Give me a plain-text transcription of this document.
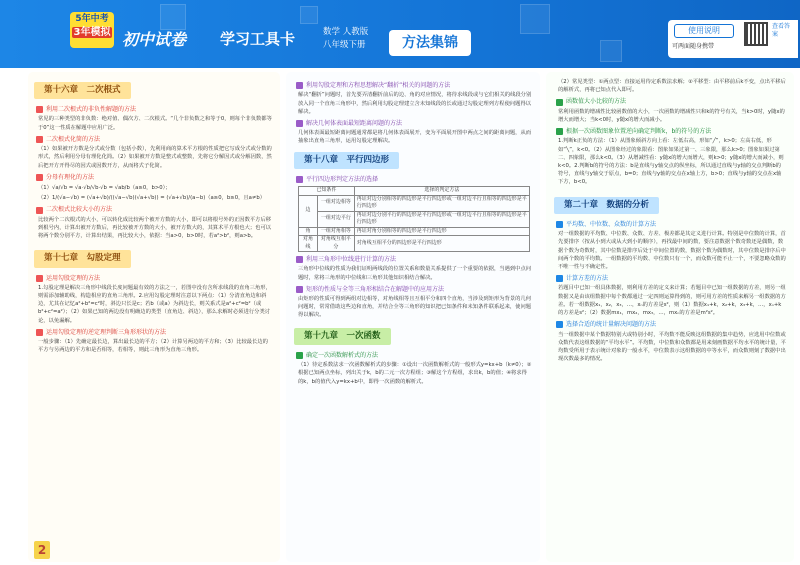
5年中考
3年模拟 初中试卷 学习工具卡	数学 人教版
八年级下册	方法集锦
使用说明
可两面随身携带
查看答案
第十六章　二次根式
利用二次根式的非负性解题的方法
常见的三种类型的非负数：绝对值、偶次方、二次根式。“几个非负数之和等于0，则每个非负数都等于0”这一性质在解题中应用广泛。
二次根式化简的方法
（1）如果被开方数是分式或分数（包括小数），先利用商的算术平方根的性质把它写成分式或分数的形式，然后利用分母有理化化简。（2）如果被开方数是整式或整数，先将它分解因式或分解因数，然后把开方开得尽的因式或因数开方，从而将式子化简。
分母有理化的方法
（1）√a/√b = √a·√b/√b·√b = √ab/b（a≥0，b>0）；
（2）1/(√a−√b) = (√a+√b)/((√a−√b)(√a+√b)) = (√a+√b)/(a−b)（a≥0，b≥0，且a≠b）
二次根式比较大小的方法
比较两个二次根式的大小，可以转化成比较两个被开方数的大小，即可以将根号外的正因数平方后移到根号内，计算出被开方数后，再比较被开方数的大小，被开方数大的，其算术平方根也大；也可以将两个数分别平方，计算出结果，再比较大小，依据：当a>0，b>0时，若a²>b²，则a>b。
第十七章　勾股定理
运用勾股定理的方法
1.勾股定理是解决三角形中线段长度问题最有效的方法之一，若图中没有含所求线段的直角三角形，则需添加辅助线，构造相应的直角三角形。2.应用勾股定理时注意以下两点：（1）分清直角边和斜边，尤其在记忆a²+b²=c²时，斜边只长是c；若b（或a）为斜边长，则关系式是a²+c²=b²（或b²+c²=a²）；（2）如果已知的两边没有明确边的类型（直角边、斜边），那么求解时必须进行分类讨论，以免漏解。
运用勾股定理的逆定理判断三角形形状的方法
一般步骤：（1）先确定最长边，算出最长边的平方；（2）计算另两边的平方和；（3）比较最长边的平方与另两边的平方和是否相等，若相等，则此三角形为直角三角形。
利用勾股定理和方程思想解决“翻折”相关的问题的方法
解决“翻折”问题时，首先要弄清翻折前后的边、角的对应情况，将待求线段或与它们相关的线段分别放入同一个直角三角形中，然后利用勾股定理建立含未知线段的长或通过勾股定理列方程使问题得以解决。
解决几何体表面最短距离问题的方法
几何体表面最短距离问题通常都是将几何体表面展开，变为平面展开图中两点之间的距离问题，从而抽象出直角三角形，运用勾股定理解决。
第十八章　平行四边形
平行四边形判定方法的选择
已知条件		选择的判定方法
边	一组对边相等	再证对边分别相等的四边形是平行四边形或一组对边平行且相等的四边形是平行四边形
	一组对边平行	再证对边分别平行的四边形是平行四边形或一组对边平行且相等的四边形是平行四边形
角	一组对角相等	再证对角分别相等的四边形是平行四边形
对角线	对角线互相平分	对角线互相平分的四边形是平行四边形
利用三角形中位线进行计算的方法
三角形中位线的性质为我们证明两线段的位置关系和数量关系提供了一个重要的依据，当遇到中点问题时，常将三角形的中位线和三角形其他知识相结合解决。
矩形的性质与全等三角形相结合在解题中的应用方法
由矩形的性质可得到两组对边相等，对角线相等且互相平分和四个直角，当涉及到矩形为背景的几何问题时，常常借助这些边和直角，并结合全等三角形的知识把已知条件和未知条件联系起来，使问题得以解决。
第十九章　一次函数
确定一次函数解析式的方法
（1）待定系数法求一次函数解析式的步骤：①设出一次函数解析式的一般形式y=kx+b（k≠0）；②根据已知两点坐标，列出关于k，b的二元一次方程组；③解这个方程组，求出k，b的值；④将求得的k，b的值代入y=kx+b中，即得一次函数的解析式。
（2）常见类型：①两点型：直接运用待定系数法求解；②平移型：由平移前后k不变，点出平移后的解析式，再将已知点代入即可。
函数值大小比较的方法
常利用函数的增减性比较函数值的大小，一次函数的增减性只和k的符号有关，当k>0时，y随x的增大而增大；当k<0时，y随x的增大而减小。
根据一次函数图象位置逆向确定判断k，b的符号的方法
1.判断k正负的方法：（1）从图象倾斜方向上看：左低右高，形如“╱”，k>0；左高右低，形如“╲”，k<0。（2）从图象经过的象限看：图象如果过第一、三象限，那么k>0；图象如果过第二、四象限，那么k<0。（3）从增减性看：y随x的增大而增大，则k>0；y随x的增大而减小，则k<0。2.判断b的符号的方法：b是直线与y轴交点的纵坐标，所以通过直线与y轴的交点判断b的符号，直线与y轴交于原点，b=0；直线与y轴的交点在x轴上方，b>0；直线与y轴的交点在x轴下方，b<0。
第二十章　数据的分析
平均数、中位数、众数的计算方法
对一组数据的平均数、中位数、众数、方差、极差都是其定义进行计算。特别是中位数的计算，首先要排序（按从小到大或从大到小的顺序），再找最中间的数，要注意数据个数奇数还是偶数，数据个数为奇数时，其中位数是排序后处于中间位置的数，数据个数为偶数时，其中位数是排序后中间两个数的平均数。一组数据的平均数、中位数只有一个，而众数可能不止一个，不要忽略众数的不唯一性与不确定性。
计算方差的方法
若题目中已知一组具体数据，则利用方差的定义来计算；若题目中已知一组数据的方差，则另一组数据又是由该组数据中每个数都通过一定四则运算得到的，则可用方差的性质来解另一组数据的方差。若一组数据x₁，x₂，x₃，…，xₙ的方差是s²，则（1）数据x₁+k，x₂+k，x₃+k，…，xₙ+k的方差是s²；（2）数据mx₁，mx₂，mx₃，…，mxₙ的方差是m²s²。
选择合适的统计量解决问题的方法
当一组数据中某个数据特别大或特别小时，平均数不能反映这组数据的集中趋势，应选用中位数或众数代表这组数据的“平均水平”。平均数，中位数和众数都是用来刻画数据平均水平的统计量，平均数受所用于表示统计对象的一般水平，中位数表示这组数据的中等水平，而众数则刻了数据中出现次数最多的情况。
2
